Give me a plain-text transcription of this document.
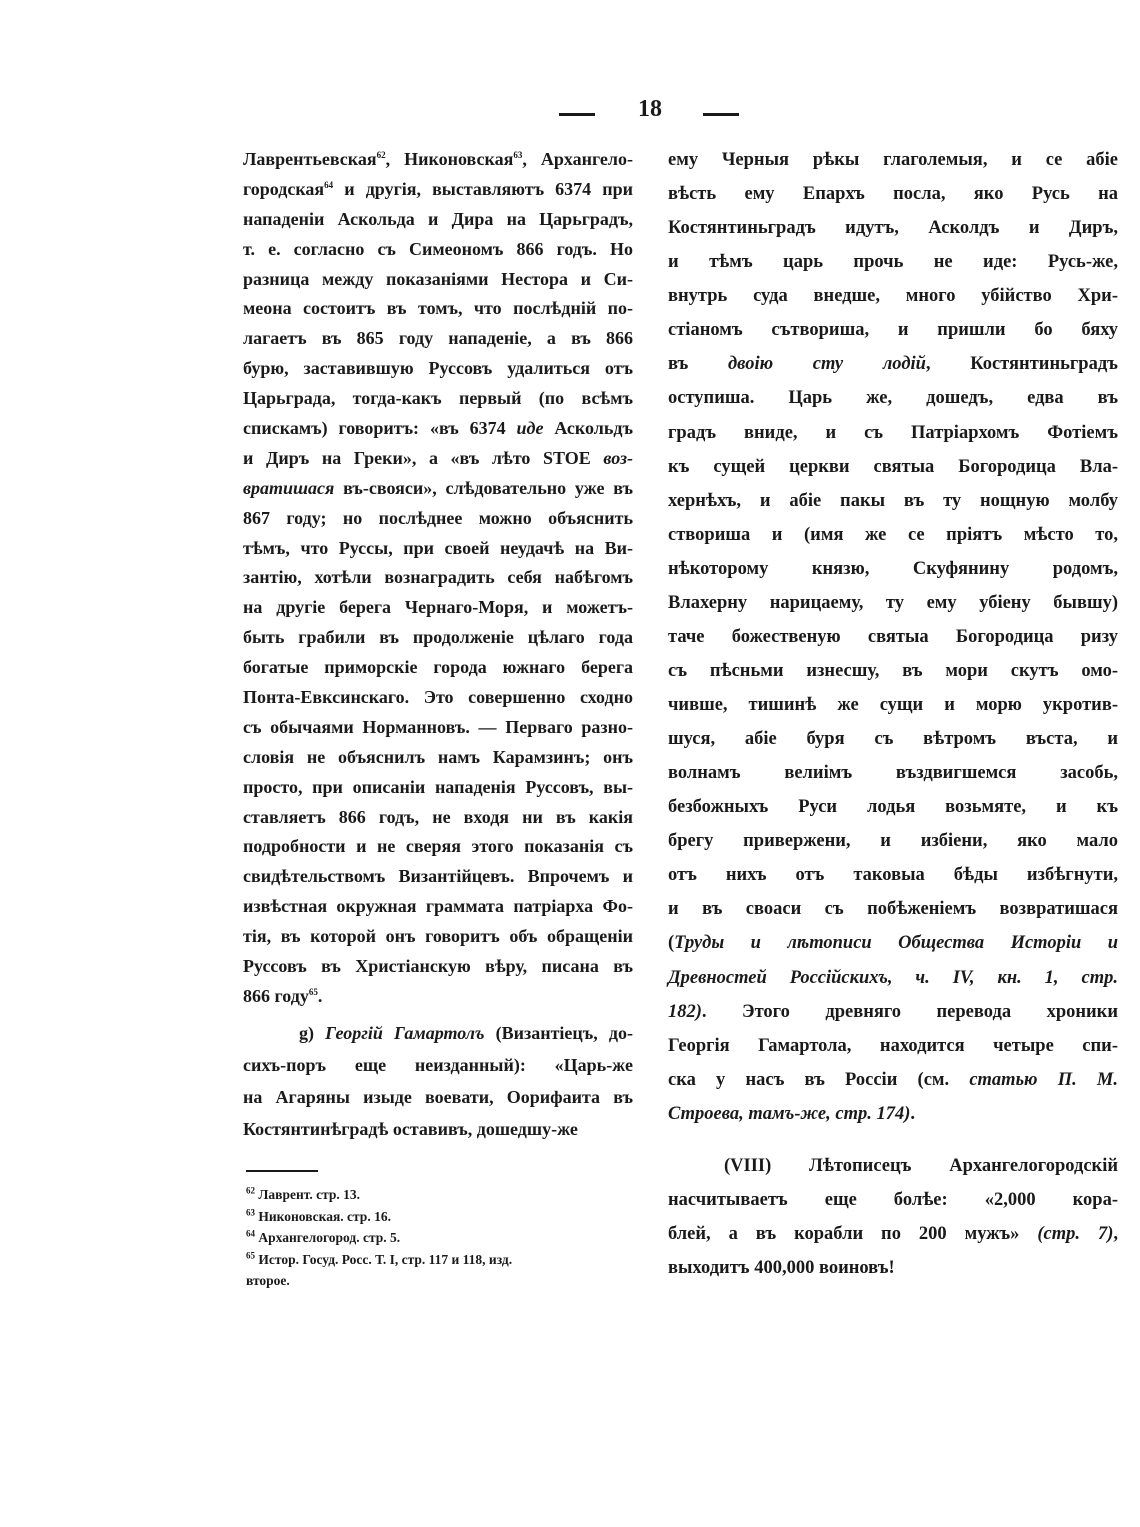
18
Лаврентьевская$^{62}$, Никоновская$^{63}$, Архангело-
городская$^{64}$ и другія, выставляютъ 6374 при
нападеніи Аскольда и Дира на Царьградъ,
т. е. согласно съ Симеономъ 866 годъ. Но
разница между показаніями Нестора и Си-
меона состоитъ въ томъ, что послѣдній по-
лагаетъ въ 865 году нападеніе, а въ 866
бурю, заставившую Руссовъ удалиться отъ
Царьграда, тогда-какъ первый (по всѣмъ
спискамъ) говоритъ: «въ 6374 иде Аскольдъ
и Диръ на Греки», а «въ лѣто ЅТОЕ воз-
вратишася въ-свояси», слѣдовательно уже въ
867 году; но послѣднее можно объяснить
тѣмъ, что Руссы, при своей неудачѣ на Ви-
зантію, хотѣли вознаградить себя набѣгомъ
на другіе берега Чернаго-Моря, и можетъ-
быть грабили въ продолженіе цѣлаго года
богатые приморскіе города южнаго берега
Понта-Евксинскаго. Это совершенно сходно
съ обычаями Норманновъ. — Перваго разно-
словія не объяснилъ намъ Карамзинъ; онъ
просто, при описаніи нападенія Руссовъ, вы-
ставляетъ 866 годъ, не входя ни въ какія
подробности и не сверяя этого показанія съ
свидѣтельствомъ Византійцевъ. Впрочемъ и
извѣстная окружная граммата патріарха Фо-
тія, въ которой онъ говоритъ объ обращеніи
Руссовъ въ Христіанскую вѣру, писана въ
866 году$^{65}$.
g) Георгій Гамартолъ (Византіецъ, до-
сихъ-поръ еще неизданный): «Царь-же
на Агаряны изыде воевати, Оорифаита въ
Костянтинѣградѣ оставивъ, дошедшу-же
$^{62}$ Лаврент. стр. 13.
$^{63}$ Никоновская. стр. 16.
$^{64}$ Архангелогород. стр. 5.
$^{65}$ Истор. Госуд. Росс. Т. I, стр. 117 и 118, изд.
второе.
ему Черныя рѣкы глаголемыя, и се абіе
вѣсть ему Епархъ посла, яко Русь на
Костянтиньградъ идутъ, Асколдъ и Диръ,
и тѣмъ царь прочь не иде: Русь-же,
внутрь суда внедше, много убійство Хри-
стіаномъ сътвориша, и пришли бо бяху
въ двоію сту лодій, Костянтиньградъ
оступиша. Царь же, дошедъ, едва въ
градъ вниде, и съ Патріархомъ Фотіемъ
къ сущей церкви святыа Богородица Вла-
хернѣхъ, и абіе пакы въ ту нощную молбу
створиша и (имя же се пріятъ мѣсто то,
нѣкоторому князю, Скуфянину родомъ,
Влахерну нарицаему, ту ему убіену бывшу)
таче божественую святыа Богородица ризу
съ пѣсньми изнесшу, въ мори скутъ омо-
чивше, тишинѣ же сущи и морю укротив-
шуся, абіе буря съ вѣтромъ въста, и
волнамъ велиімъ въздвигшемся засобь,
безбожныхъ Руси лодья возьмяте, и къ
брегу привержени, и избіени, яко мало
отъ нихъ отъ таковыа бѣды избѣгнути,
и въ своаси съ побѣженіемъ возвратишася
(Труды и лѣтописи Общества Исторіи и
Древностей Россійскихъ, ч. IV, кн. 1, стр.
182). Этого древняго перевода хроники
Георгія Гамартола, находится четыре спи-
ска у насъ въ Россіи (см. статью П. М.
Строева, тамъ-же, стр. 174).
(VIII) Лѣтописецъ Архангелогородскій
насчитываетъ еще болѣе: «2,000 кора-
блей, а въ корабли по 200 мужъ» (стр. 7),
выходитъ 400,000 воиновъ!
